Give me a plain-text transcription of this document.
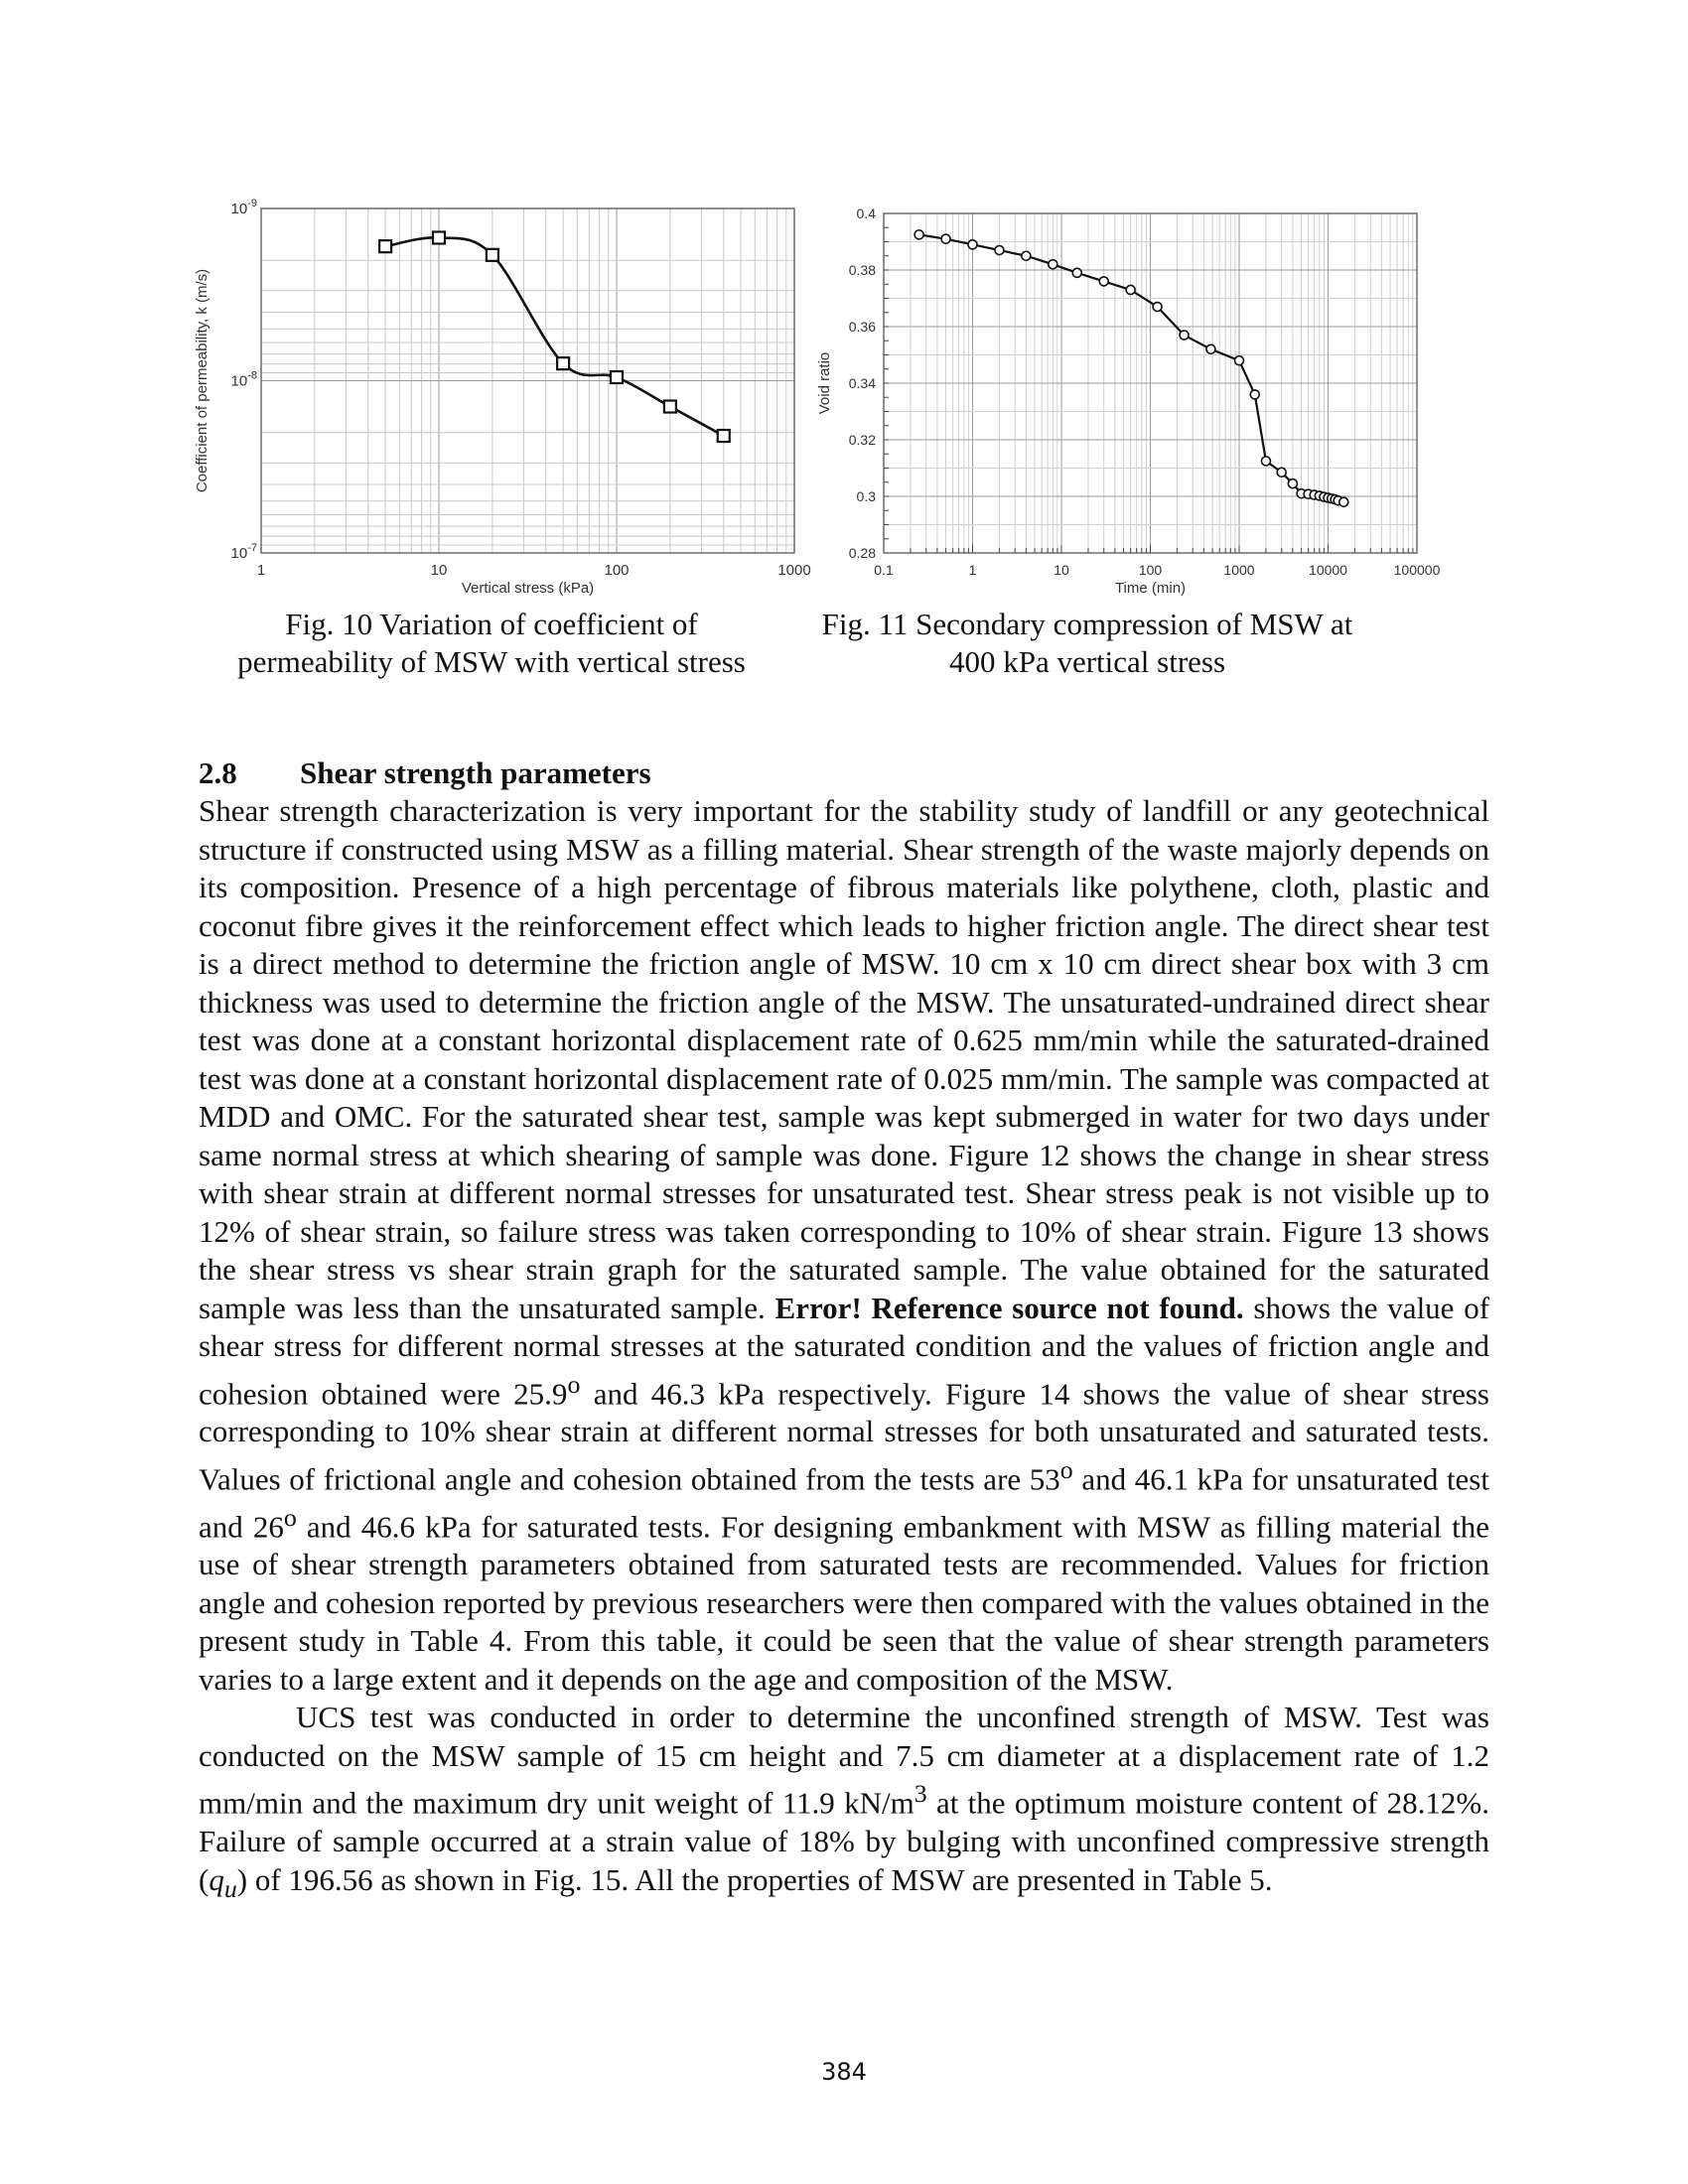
1	10	100	1000
$10^{-9}$
$10^{-8}$
$10^{-7}$
Vertical stress (kPa)
Coefficient of permeability, k (m/s)
Fig. 10 Variation of coefficient of
permeability of MSW with vertical stress
0.1	1	10	100	1000	10000	100000
0.28
0.3
0.32
0.34
0.36
0.38
0.4
Time (min)
Void ratio
Fig. 11 Secondary compression of MSW at
400 kPa vertical stress

2.8 Shear strength parameters

Shear strength characterization is very important for the stability study of landfill or any geotechnical structure if constructed using MSW as a filling material. Shear strength of the waste majorly depends on its composition. Presence of a high percentage of fibrous materials like polythene, cloth, plastic and coconut fibre gives it the reinforcement effect which leads to higher friction angle. The direct shear test is a direct method to determine the friction angle of MSW. 10 cm x 10 cm direct shear box with 3 cm thickness was used to determine the friction angle of the MSW. The unsaturated-undrained direct shear test was done at a constant horizontal displacement rate of 0.625 mm/min while the saturated-drained test was done at a constant horizontal displacement rate of 0.025 mm/min. The sample was compacted at MDD and OMC. For the saturated shear test, sample was kept submerged in water for two days under same normal stress at which shearing of sample was done. Figure 12 shows the change in shear stress with shear strain at different normal stresses for unsaturated test. Shear stress peak is not visible up to 12% of shear strain, so failure stress was taken corresponding to 10% of shear strain. Figure 13 shows the shear stress vs shear strain graph for the saturated sample. The value obtained for the saturated sample was less than the unsaturated sample. Error! Reference source not found. shows the value of shear stress for different normal stresses at the saturated condition and the values of friction angle and cohesion obtained were 25.9$^o$ and 46.3 kPa respectively. Figure 14 shows the value of shear stress corresponding to 10% shear strain at different normal stresses for both unsaturated and saturated tests. Values of frictional angle and cohesion obtained from the tests are 53$^o$ and 46.1 kPa for unsaturated test and 26$^o$ and 46.6 kPa for saturated tests. For designing embankment with MSW as filling material the use of shear strength parameters obtained from saturated tests are recommended. Values for friction angle and cohesion reported by previous researchers were then compared with the values obtained in the present study in Table 4. From this table, it could be seen that the value of shear strength parameters varies to a large extent and it depends on the age and composition of the MSW.

UCS test was conducted in order to determine the unconfined strength of MSW. Test was conducted on the MSW sample of 15 cm height and 7.5 cm diameter at a displacement rate of 1.2 mm/min and the maximum dry unit weight of 11.9 $kN/m^3$ at the optimum moisture content of 28.12%. Failure of sample occurred at a strain value of 18% by bulging with unconfined compressive strength $(q_u)$ of 196.56 as shown in Fig. 15. All the properties of MSW are presented in Table 5.

384
